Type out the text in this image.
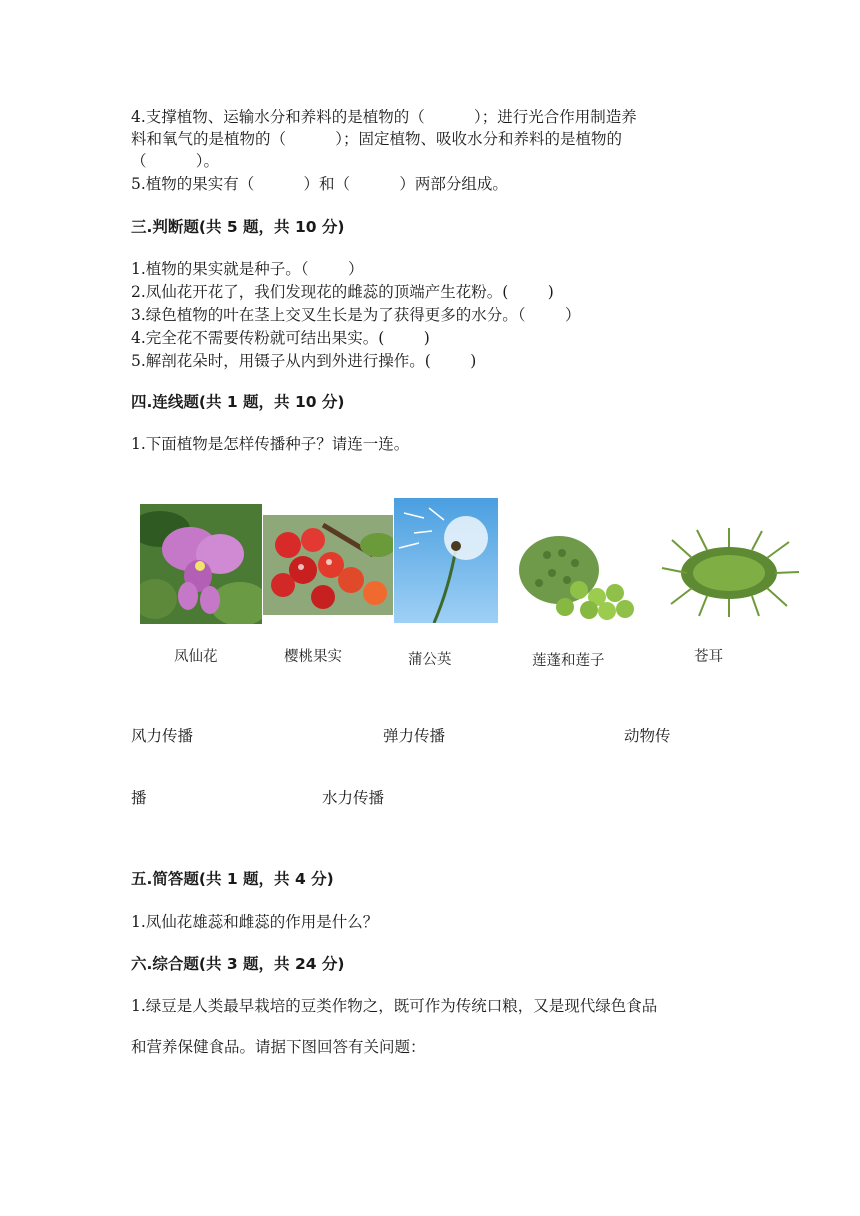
4.支撑植物、运输水分和养料的是植物的（          ）；进行光合作用制造养
料和氧气的是植物的（          ）；固定植物、吸收水分和养料的是植物的
（          ）。
5.植物的果实有（          ）和（          ）两部分组成。
三.判断题(共 5 题，共 10 分)
1.植物的果实就是种子。（        ）
2.凤仙花开花了，我们发现花的雌蕊的顶端产生花粉。(        )
3.绿色植物的叶在茎上交叉生长是为了获得更多的水分。（        ）
4.完全花不需要传粉就可结出果实。(        )
5.解剖花朵时，用镊子从内到外进行操作。(        )
四.连线题(共 1 题，共 10 分)
1.下面植物是怎样传播种子？请连一连。
凤仙花	樱桃果实	蒲公英	莲蓬和莲子	苍耳
风力传播	弹力传播	动物传
播	水力传播
五.简答题(共 1 题，共 4 分)
1.凤仙花雄蕊和雌蕊的作用是什么？
六.综合题(共 3 题，共 24 分)
1.绿豆是人类最早栽培的豆类作物之，既可作为传统口粮，又是现代绿色食品
和营养保健食品。请据下图回答有关问题：
